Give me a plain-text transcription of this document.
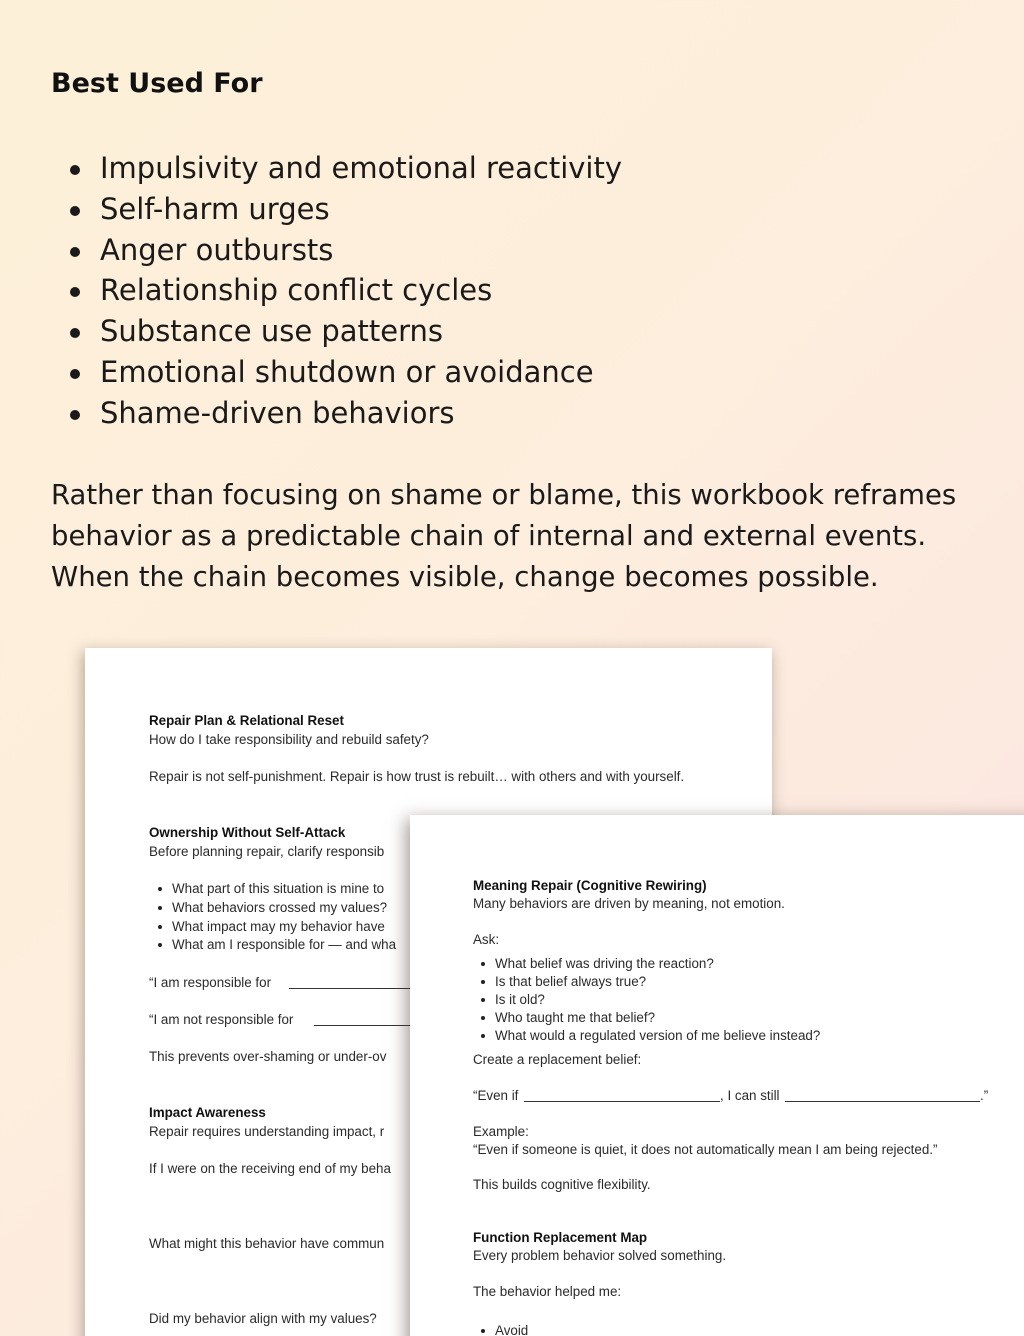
Best Used For
Impulsivity and emotional reactivity
Self-harm urges
Anger outbursts
Relationship conflict cycles
Substance use patterns
Emotional shutdown or avoidance
Shame-driven behaviors
Rather than focusing on shame or blame, this workbook reframes behavior as a predictable chain of internal and external events. When the chain becomes visible, change becomes possible.
Repair Plan & Relational Reset
How do I take responsibility and rebuild safety?
Repair is not self-punishment. Repair is how trust is rebuilt… with others and with yourself.
Ownership Without Self-Attack
Before planning repair, clarify responsib
What part of this situation is mine to
What behaviors crossed my values?
What impact may my behavior have
What am I responsible for — and wha
“I am responsible for
“I am not responsible for
This prevents over-shaming or under-ov
Impact Awareness
Repair requires understanding impact, r
If I were on the receiving end of my beha
What might this behavior have commun
Did my behavior align with my values?
Meaning Repair (Cognitive Rewiring)
Many behaviors are driven by meaning, not emotion.
Ask:
What belief was driving the reaction?
Is that belief always true?
Is it old?
Who taught me that belief?
What would a regulated version of me believe instead?
Create a replacement belief:
“Even if	, I can still	.”
Example:
“Even if someone is quiet, it does not automatically mean I am being rejected.”
This builds cognitive flexibility.
Function Replacement Map
Every problem behavior solved something.
The behavior helped me:
Avoid
